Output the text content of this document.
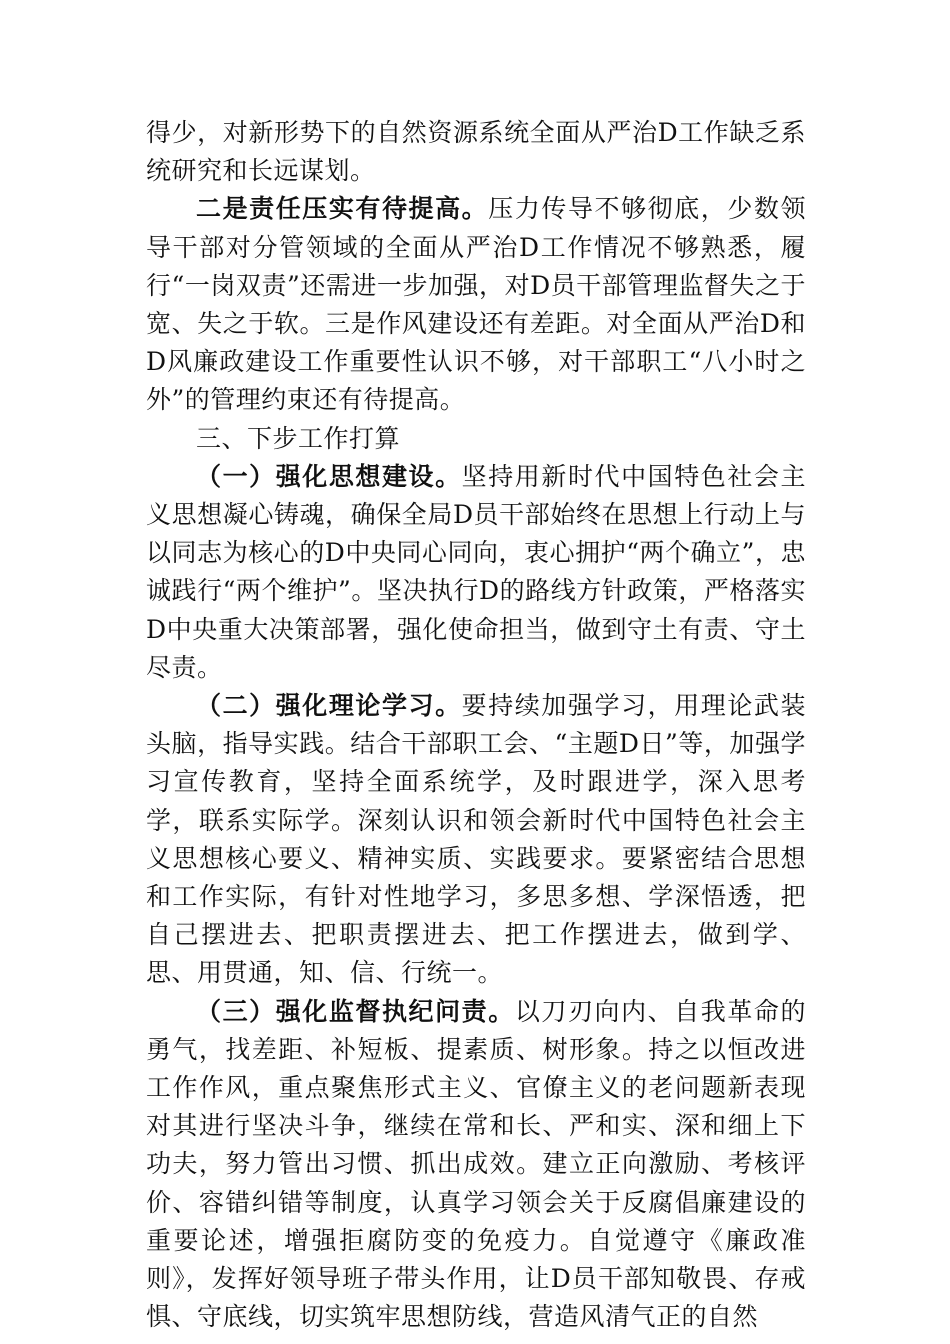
得少，对新形势下的自然资源系统全面从严治D工作缺乏系统研究和长远谋划。

二是责任压实有待提高。压力传导不够彻底，少数领导干部对分管领域的全面从严治D工作情况不够熟悉，履行“一岗双责”还需进一步加强，对D员干部管理监督失之于宽、失之于软。三是作风建设还有差距。对全面从严治D和D风廉政建设工作重要性认识不够，对干部职工“八小时之外”的管理约束还有待提高。

三、下步工作打算

（一）强化思想建设。坚持用新时代中国特色社会主义思想凝心铸魂，确保全局D员干部始终在思想上行动上与以同志为核心的D中央同心同向，衷心拥护“两个确立”，忠诚践行“两个维护”。坚决执行D的路线方针政策，严格落实D中央重大决策部署，强化使命担当，做到守土有责、守土尽责。

（二）强化理论学习。要持续加强学习，用理论武装头脑，指导实践。结合干部职工会、“主题D日”等，加强学习宣传教育，坚持全面系统学，及时跟进学，深入思考学，联系实际学。深刻认识和领会新时代中国特色社会主义思想核心要义、精神实质、实践要求。要紧密结合思想和工作实际，有针对性地学习，多思多想、学深悟透，把自己摆进去、把职责摆进去、把工作摆进去，做到学、思、用贯通，知、信、行统一。

（三）强化监督执纪问责。以刀刃向内、自我革命的勇气，找差距、补短板、提素质、树形象。持之以恒改进工作作风，重点聚焦形式主义、官僚主义的老问题新表现对其进行坚决斗争，继续在常和长、严和实、深和细上下功夫，努力管出习惯、抓出成效。建立正向激励、考核评价、容错纠错等制度，认真学习领会关于反腐倡廉建设的重要论述，增强拒腐防变的免疫力。自觉遵守《廉政准则》，发挥好领导班子带头作用，让D员干部知敬畏、存戒惧、守底线，切实筑牢思想防线，营造风清气正的自然
